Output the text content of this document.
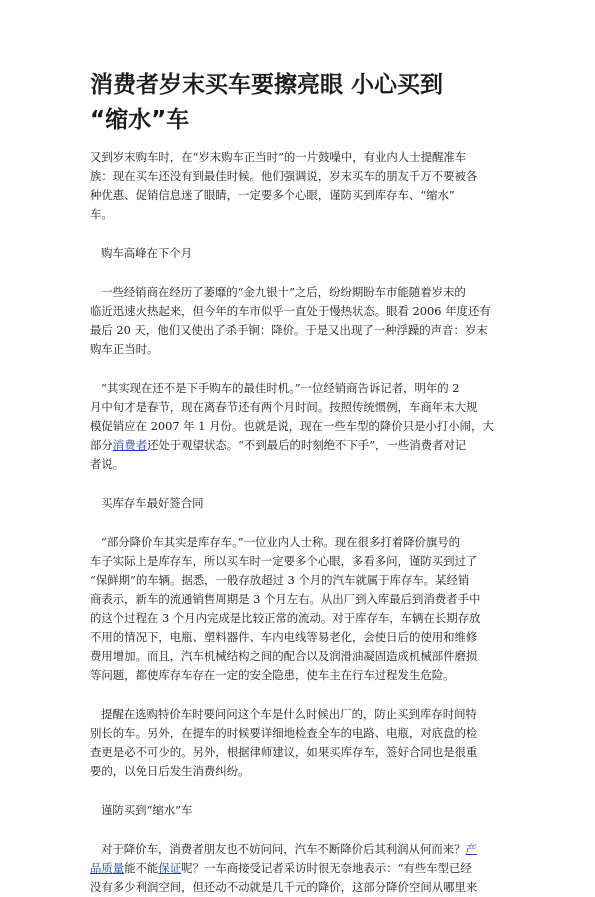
消费者岁末买车要擦亮眼 小心买到
“缩水”车

又到岁末购车时，在“岁末购车正当时”的一片鼓噪中，有业内人士提醒准车
族：现在买车还没有到最佳时候。他们强调说，岁末买车的朋友千万不要被各
种优惠、促销信息迷了眼睛，一定要多个心眼，谨防买到库存车、“缩水”
车。

购车高峰在下个月

一些经销商在经历了萎靡的“金九银十”之后，纷纷期盼车市能随着岁末的
临近迅速火热起来，但今年的车市似乎一直处于慢热状态。眼看 2006 年度还有
最后 20 天，他们又使出了杀手锏：降价。于是又出现了一种浮躁的声音：岁末
购车正当时。

“其实现在还不是下手购车的最佳时机。”一位经销商告诉记者，明年的 2
月中旬才是春节，现在离春节还有两个月时间。按照传统惯例，车商年末大规
模促销应在 2007 年 1 月份。也就是说，现在一些车型的降价只是小打小闹，大
部分消费者还处于观望状态。“不到最后的时刻绝不下手”，一些消费者对记
者说。

买库存车最好签合同

“部分降价车其实是库存车。”一位业内人士称。现在很多打着降价旗号的
车子实际上是库存车，所以买车时一定要多个心眼，多看多问，谨防买到过了
“保鲜期”的车辆。据悉，一般存放超过 3 个月的汽车就属于库存车。某经销
商表示，新车的流通销售周期是 3 个月左右。从出厂到入库最后到消费者手中
的这个过程在 3 个月内完成是比较正常的流动。对于库存车，车辆在长期存放
不用的情况下，电瓶、塑料器件、车内电线等易老化，会使日后的使用和维修
费用增加。而且，汽车机械结构之间的配合以及润滑油凝固造成机械部件磨损
等问题，都使库存车存在一定的安全隐患，使车主在行车过程发生危险。

提醒在选购特价车时要问问这个车是什么时候出厂的，防止买到库存时间特
别长的车。另外，在提车的时候要详细地检查全车的电路、电瓶，对底盘的检
查更是必不可少的。另外，根据律师建议，如果买库存车，签好合同也是很重
要的，以免日后发生消费纠纷。

谨防买到“缩水”车

对于降价车，消费者朋友也不妨问问，汽车不断降价后其利润从何而来？产
品质量能不能保证呢？一车商接受记者采访时很无奈地表示：“有些车型已经
没有多少利润空间，但还动不动就是几千元的降价，这部分降价空间从哪里来
